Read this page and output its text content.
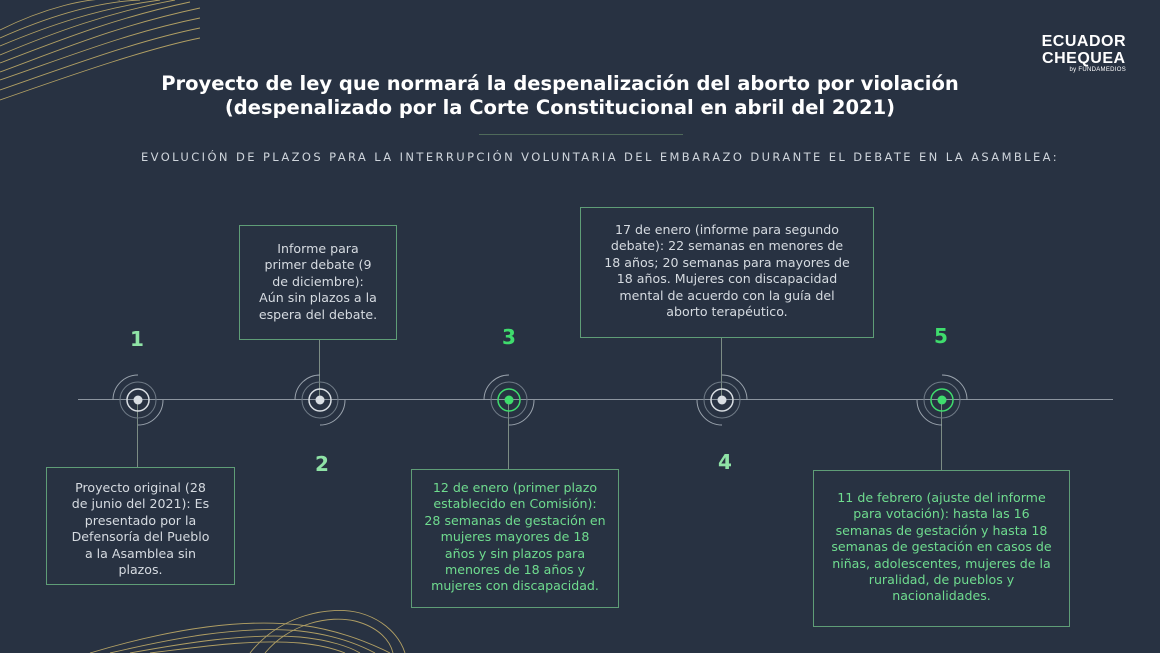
ECUADOR
CHEQUEA
by FUNDAMEDIOS
Proyecto de ley que normará la despenalización del aborto por violación
(despenalizado por la Corte Constitucional en abril del 2021)
EVOLUCIÓN DE PLAZOS PARA LA INTERRUPCIÓN VOLUNTARIA DEL EMBARAZO DURANTE EL DEBATE EN LA ASAMBLEA:
1
2
3
4
5
Proyecto original (28
de junio del 2021): Es
presentado por la
Defensoría del Pueblo
a la Asamblea sin
plazos.
Informe para
primer debate (9
de diciembre):
Aún sin plazos a la
espera del debate.
12 de enero (primer plazo
establecido en Comisión):
28 semanas de gestación en
mujeres mayores de 18
años y sin plazos para
menores de 18 años y
mujeres con discapacidad.
17 de enero (informe para segundo
debate): 22 semanas en menores de
18 años; 20 semanas para mayores de
18 años. Mujeres con discapacidad
mental de acuerdo con la guía del
aborto terapéutico.
11 de febrero (ajuste del informe
para votación): hasta las 16
semanas de gestación y hasta 18
semanas de gestación en casos de
niñas, adolescentes, mujeres de la
ruralidad, de pueblos y
nacionalidades.
